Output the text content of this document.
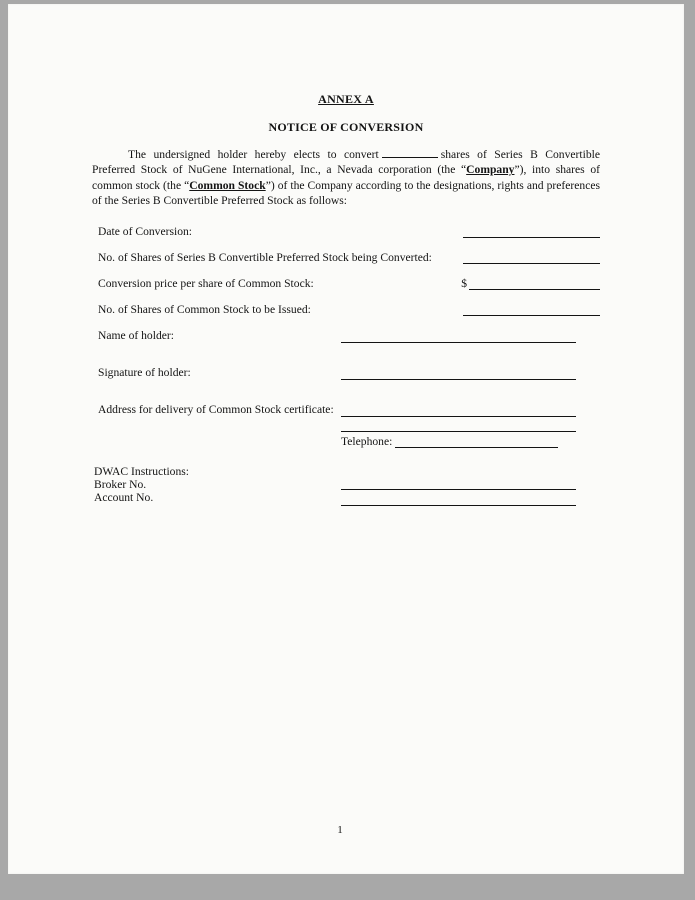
ANNEX A
NOTICE OF CONVERSION

The undersigned holder hereby elects to convert	shares of Series B Convertible Preferred Stock of NuGene International, Inc., a Nevada corporation (the “Company”), into shares of common stock (the “Common Stock”) of the Company according to the designations, rights and preferences of the Series B Convertible Preferred Stock as follows:

Date of Conversion:
No. of Shares of Series B Convertible Preferred Stock being Converted:
Conversion price per share of Common Stock:	$
No. of Shares of Common Stock to be Issued:
Name of holder:
Signature of holder:
Address for delivery of Common Stock certificate:
Telephone:
DWAC Instructions:
Broker No.
Account No.
1
